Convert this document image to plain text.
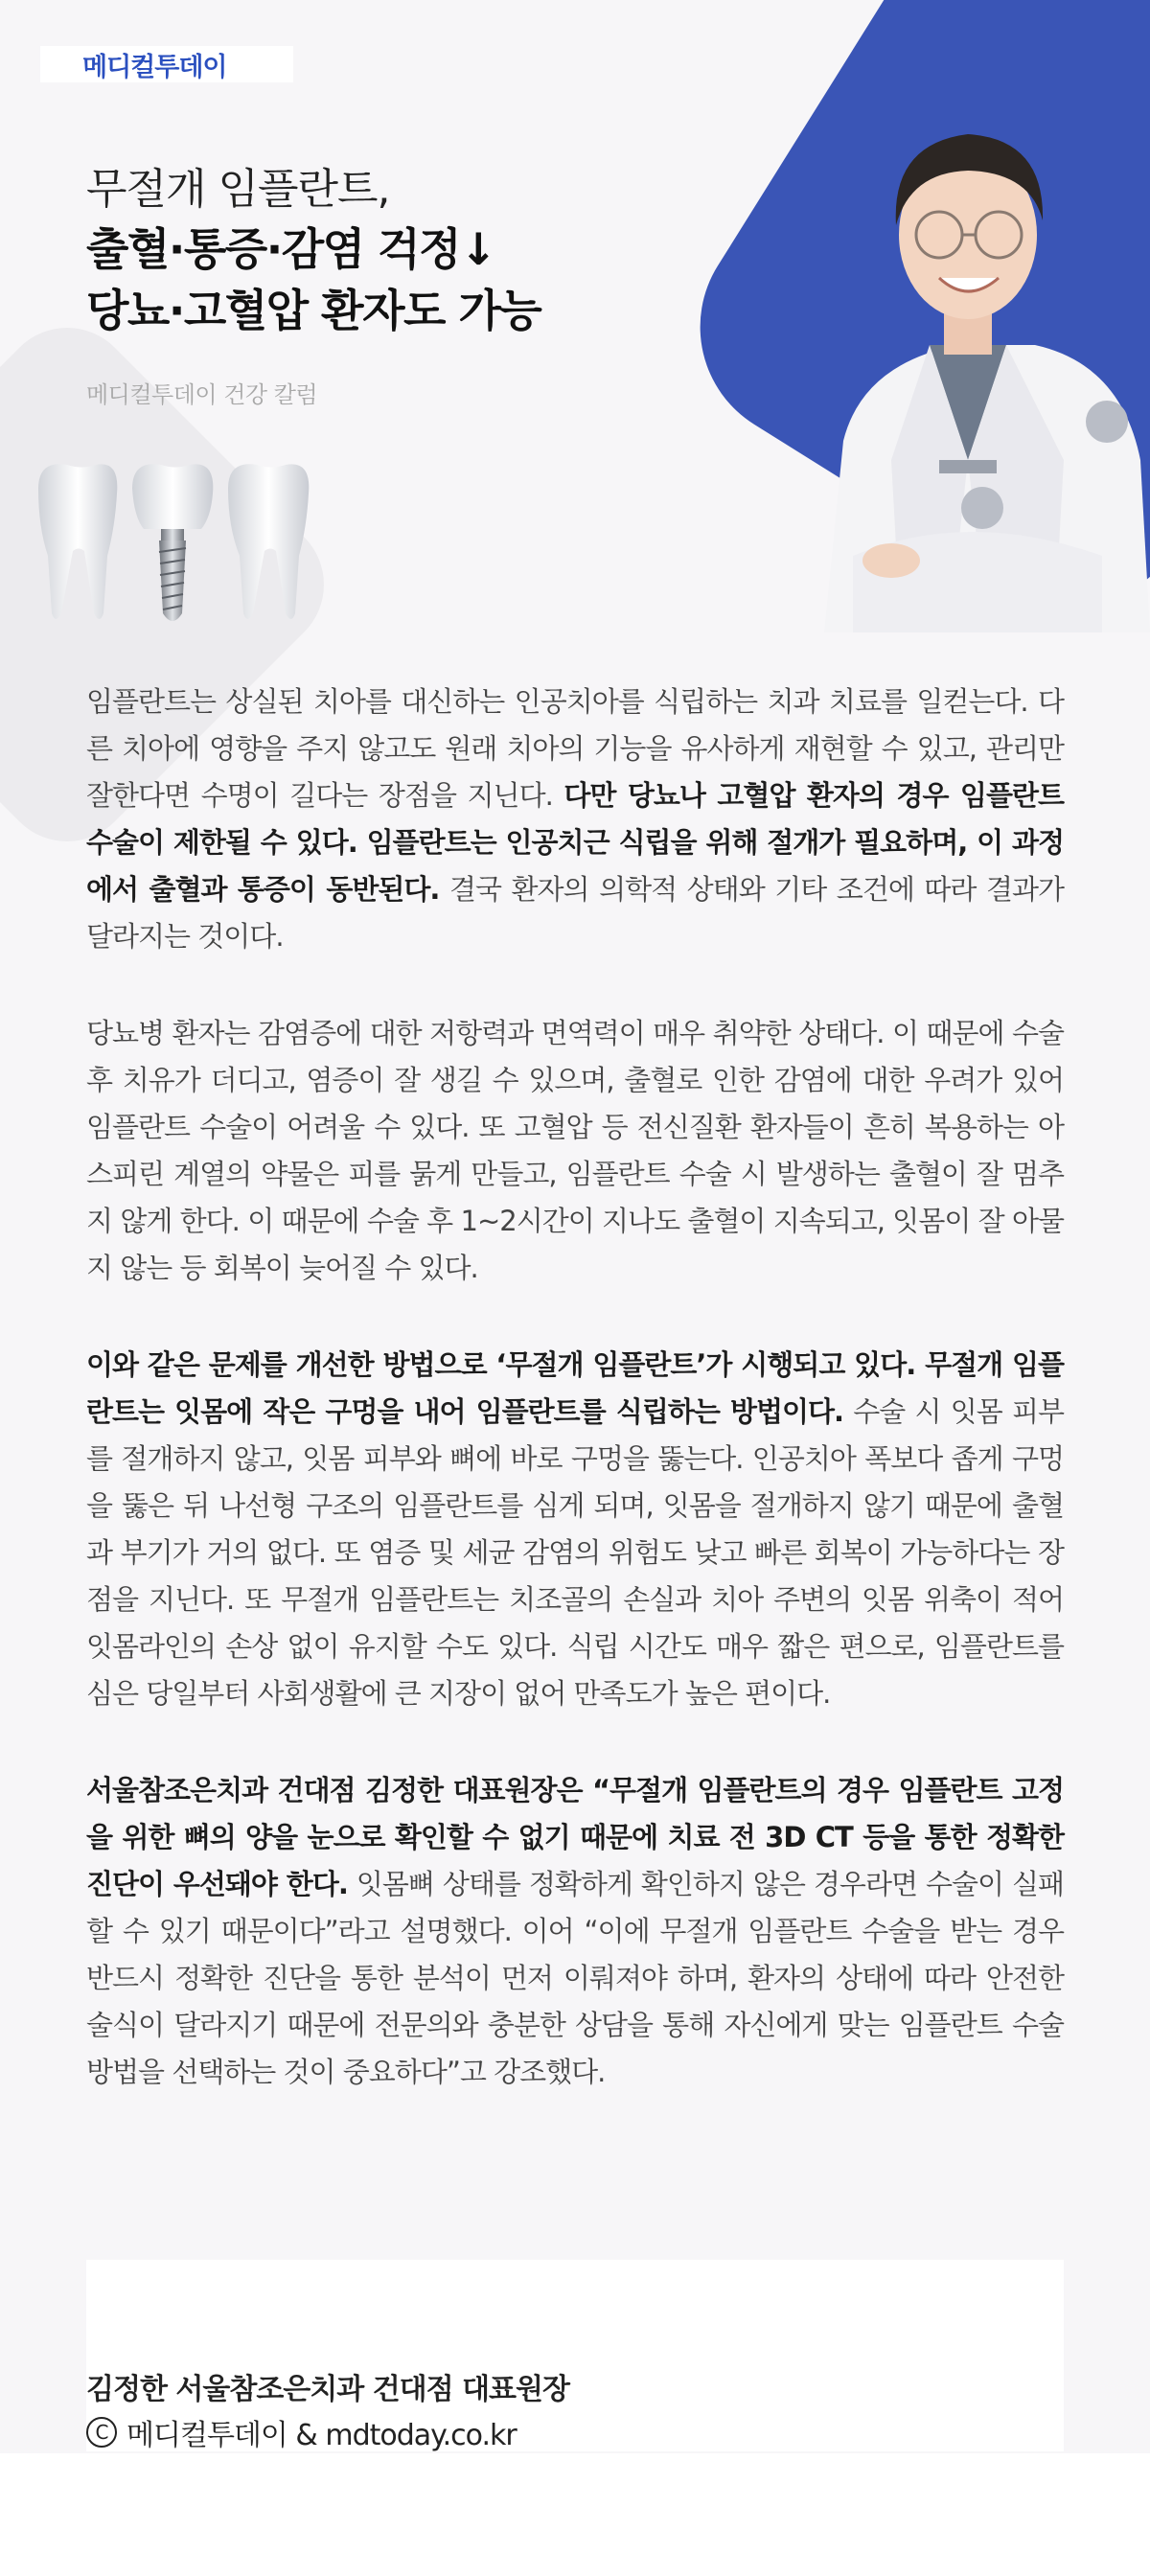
메디컬투데이
무절개 임플란트,
출혈·통증·감염 걱정↓
당뇨·고혈압 환자도 가능
메디컬투데이 건강 칼럼

임플란트는 상실된 치아를 대신하는 인공치아를 식립하는 치과 치료를 일컫는다. 다른 치아에 영향을 주지 않고도 원래 치아의 기능을 유사하게 재현할 수 있고, 관리만 잘한다면 수명이 길다는 장점을 지닌다. 다만 당뇨나 고혈압 환자의 경우 임플란트 수술이 제한될 수 있다. 임플란트는 인공치근 식립을 위해 절개가 필요하며, 이 과정에서 출혈과 통증이 동반된다. 결국 환자의 의학적 상태와 기타 조건에 따라 결과가 달라지는 것이다.

당뇨병 환자는 감염증에 대한 저항력과 면역력이 매우 취약한 상태다. 이 때문에 수술 후 치유가 더디고, 염증이 잘 생길 수 있으며, 출혈로 인한 감염에 대한 우려가 있어 임플란트 수술이 어려울 수 있다. 또 고혈압 등 전신질환 환자들이 흔히 복용하는 아스피린 계열의 약물은 피를 묽게 만들고, 임플란트 수술 시 발생하는 출혈이 잘 멈추지 않게 한다. 이 때문에 수술 후 1~2시간이 지나도 출혈이 지속되고, 잇몸이 잘 아물지 않는 등 회복이 늦어질 수 있다.

이와 같은 문제를 개선한 방법으로 ‘무절개 임플란트’가 시행되고 있다. 무절개 임플란트는 잇몸에 작은 구멍을 내어 임플란트를 식립하는 방법이다. 수술 시 잇몸 피부를 절개하지 않고, 잇몸 피부와 뼈에 바로 구멍을 뚫는다. 인공치아 폭보다 좁게 구멍을 뚫은 뒤 나선형 구조의 임플란트를 심게 되며, 잇몸을 절개하지 않기 때문에 출혈과 부기가 거의 없다. 또 염증 및 세균 감염의 위험도 낮고 빠른 회복이 가능하다는 장점을 지닌다. 또 무절개 임플란트는 치조골의 손실과 치아 주변의 잇몸 위축이 적어 잇몸라인의 손상 없이 유지할 수도 있다. 식립 시간도 매우 짧은 편으로, 임플란트를 심은 당일부터 사회생활에 큰 지장이 없어 만족도가 높은 편이다.

서울참조은치과 건대점 김정한 대표원장은 “무절개 임플란트의 경우 임플란트 고정을 위한 뼈의 양을 눈으로 확인할 수 없기 때문에 치료 전 3D CT 등을 통한 정확한 진단이 우선돼야 한다. 잇몸뼈 상태를 정확하게 확인하지 않은 경우라면 수술이 실패할 수 있기 때문이다”라고 설명했다. 이어 “이에 무절개 임플란트 수술을 받는 경우 반드시 정확한 진단을 통한 분석이 먼저 이뤄져야 하며, 환자의 상태에 따라 안전한 술식이 달라지기 때문에 전문의와 충분한 상담을 통해 자신에게 맞는 임플란트 수술 방법을 선택하는 것이 중요하다”고 강조했다.

김정한 서울참조은치과 건대점 대표원장
C 메디컬투데이 & mdtoday.co.kr
